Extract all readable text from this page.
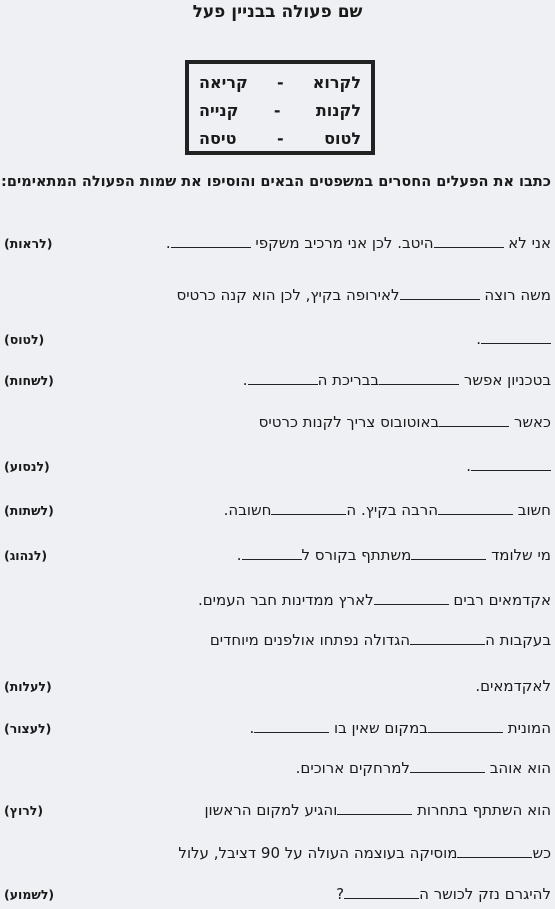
שם פעולה בבניין פעל
לקרוא
-
קריאה
לקנות
-
קנייה
לטוס
-
טיסה
כתבו את הפעלים החסרים במשפטים הבאים והוסיפו את שמות הפעולה המתאימים:
אני לא היטב. לכן אני מרכיב משקפי .
(לראות)
משה רוצה לאירופה בקיץ, לכן הוא קנה כרטיס
.
(לטוס)
בטכניון אפשר בבריכת ה.
(לשחות)
כאשר באוטובוס צריך לקנות כרטיס
.
(לנסוע)
חשוב הרבה בקיץ. החשובה.
(לשתות)
מי שלומד משתתף בקורס ל.
(לנהוג)
אקדמאים רבים לארץ ממדינות חבר העמים.
בעקבות ההגדולה נפתחו אולפנים מיוחדים
לאקדמאים.
(לעלות)
המונית במקום שאין בו .
(לעצור)
הוא אוהב למרחקים ארוכים.
הוא השתתף בתחרות והגיע למקום הראשון
(לרוץ)
כשמוסיקה בעוצמה העולה על 90 דציבל, עלול
להיגרם נזק לכושר ה?
(לשמוע)
